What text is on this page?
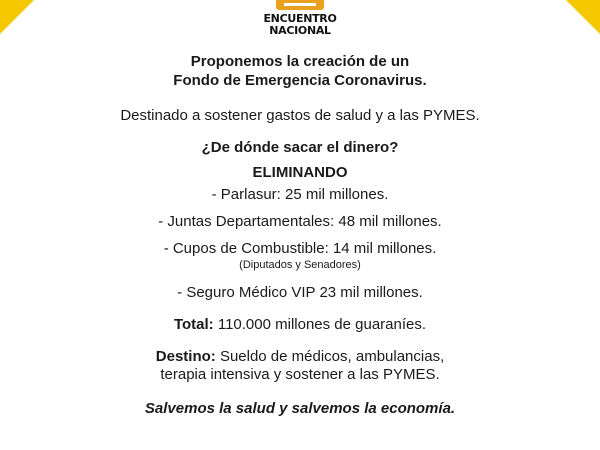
ENCUENTRO
NACIONAL
Proponemos la creación de un
Fondo de Emergencia Coronavirus.
Destinado a sostener gastos de salud y a las PYMES.
¿De dónde sacar el dinero?
ELIMINANDO
- Parlasur: 25 mil millones.
- Juntas Departamentales: 48 mil millones.
- Cupos de Combustible: 14 mil millones.
(Diputados y Senadores)
- Seguro Médico VIP 23 mil millones.
Total: 110.000 millones de guaraníes.
Destino: Sueldo de médicos, ambulancias,
terapia intensiva y sostener a las PYMES.
Salvemos la salud y salvemos la economía.
